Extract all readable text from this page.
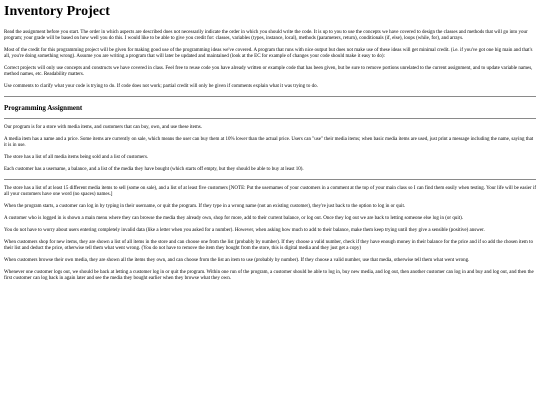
Inventory Project

Read the assignment before you start. The order in which aspects are described does not necessarily indicate the order in which you should write the code. It is up to you to use the concepts we have covered to design the classes and methods that will go into your program; your grade will be based on how well you do this. I would like to be able to give you credit for: classes, variables (types, instance, local), methods (parameters, return), conditionals (if, else), loops (while, for), and arrays.

Most of the credit for this programming project will be given for making good use of the programming ideas we've covered. A program that runs with nice output but does not make use of these ideas will get minimal credit. (i.e. if you've got one big main and that's all, you're doing something wrong). Assume you are writing a program that will later be updated and maintained (look at the EC for example of changes your code should make it easy to do):

Correct projects will only use concepts and constructs we have covered in class. Feel free to reuse code you have already written or example code that has been given, but be sure to remove portions unrelated to the current assignment, and to update variable names, method names, etc. Readability matters.

Use comments to clarify what your code is trying to do. If code does not work; partial credit will only be given if comments explain what it was trying to do.

Programming Assignment

Our program is for a store with media items, and customers that can buy, own, and use these items.

A media item has a name and a price. Some items are currently on sale, which means the user can buy them at 10% lower than the actual price. Users can "use" their media items; when basic media items are used, just print a message including the name, saying that it is in use.

The store has a list of all media items being sold and a list of customers.

Each customer has a username, a balance, and a list of the media they have bought (which starts off empty, but they should be able to buy at least 10).

The store has a list of at least 15 different media items to sell (some on sale), and a list of at least five customers [NOTE: Put the usernames of your customers in a comment at the top of your main class so I can find them easily when testing. Your life will be easier if all your customers have one word (no spaces) names.]

When the program starts, a customer can log in by typing in their username, or quit the program. If they type in a wrong name (not an existing customer), they're just back to the option to log in or quit.

A customer who is logged in is shown a main menu where they can browse the media they already own, shop for more, add to their current balance, or log out. Once they log out we are back to letting someone else log in (or quit).

You do not have to worry about users entering completely invalid data (like a letter when you asked for a number). However, when asking how much to add to their balance, make them keep trying until they give a sensible (positive) answer.

When customers shop for new items, they are shown a list of all items in the store and can choose one from the list (probably by number). If they choose a valid number, check if they have enough money in their balance for the price and if so add the chosen item to their list and deduct the price, otherwise tell them what went wrong. (You do not have to remove the item they bought from the store, this is digital media and they just get a copy)

When customers browse their own media, they are shown all the items they own, and can choose from the list an item to use (probably by number). If they choose a valid number, use that media, otherwise tell them what went wrong.

Whenever one customer logs out, we should be back at letting a customer log in or quit the program. Within one run of the program, a customer should be able to log in, buy new media, and log out, then another customer can log in and buy and log out, and then the first customer can log back in again later and see the media they bought earlier when they browse what they own.
